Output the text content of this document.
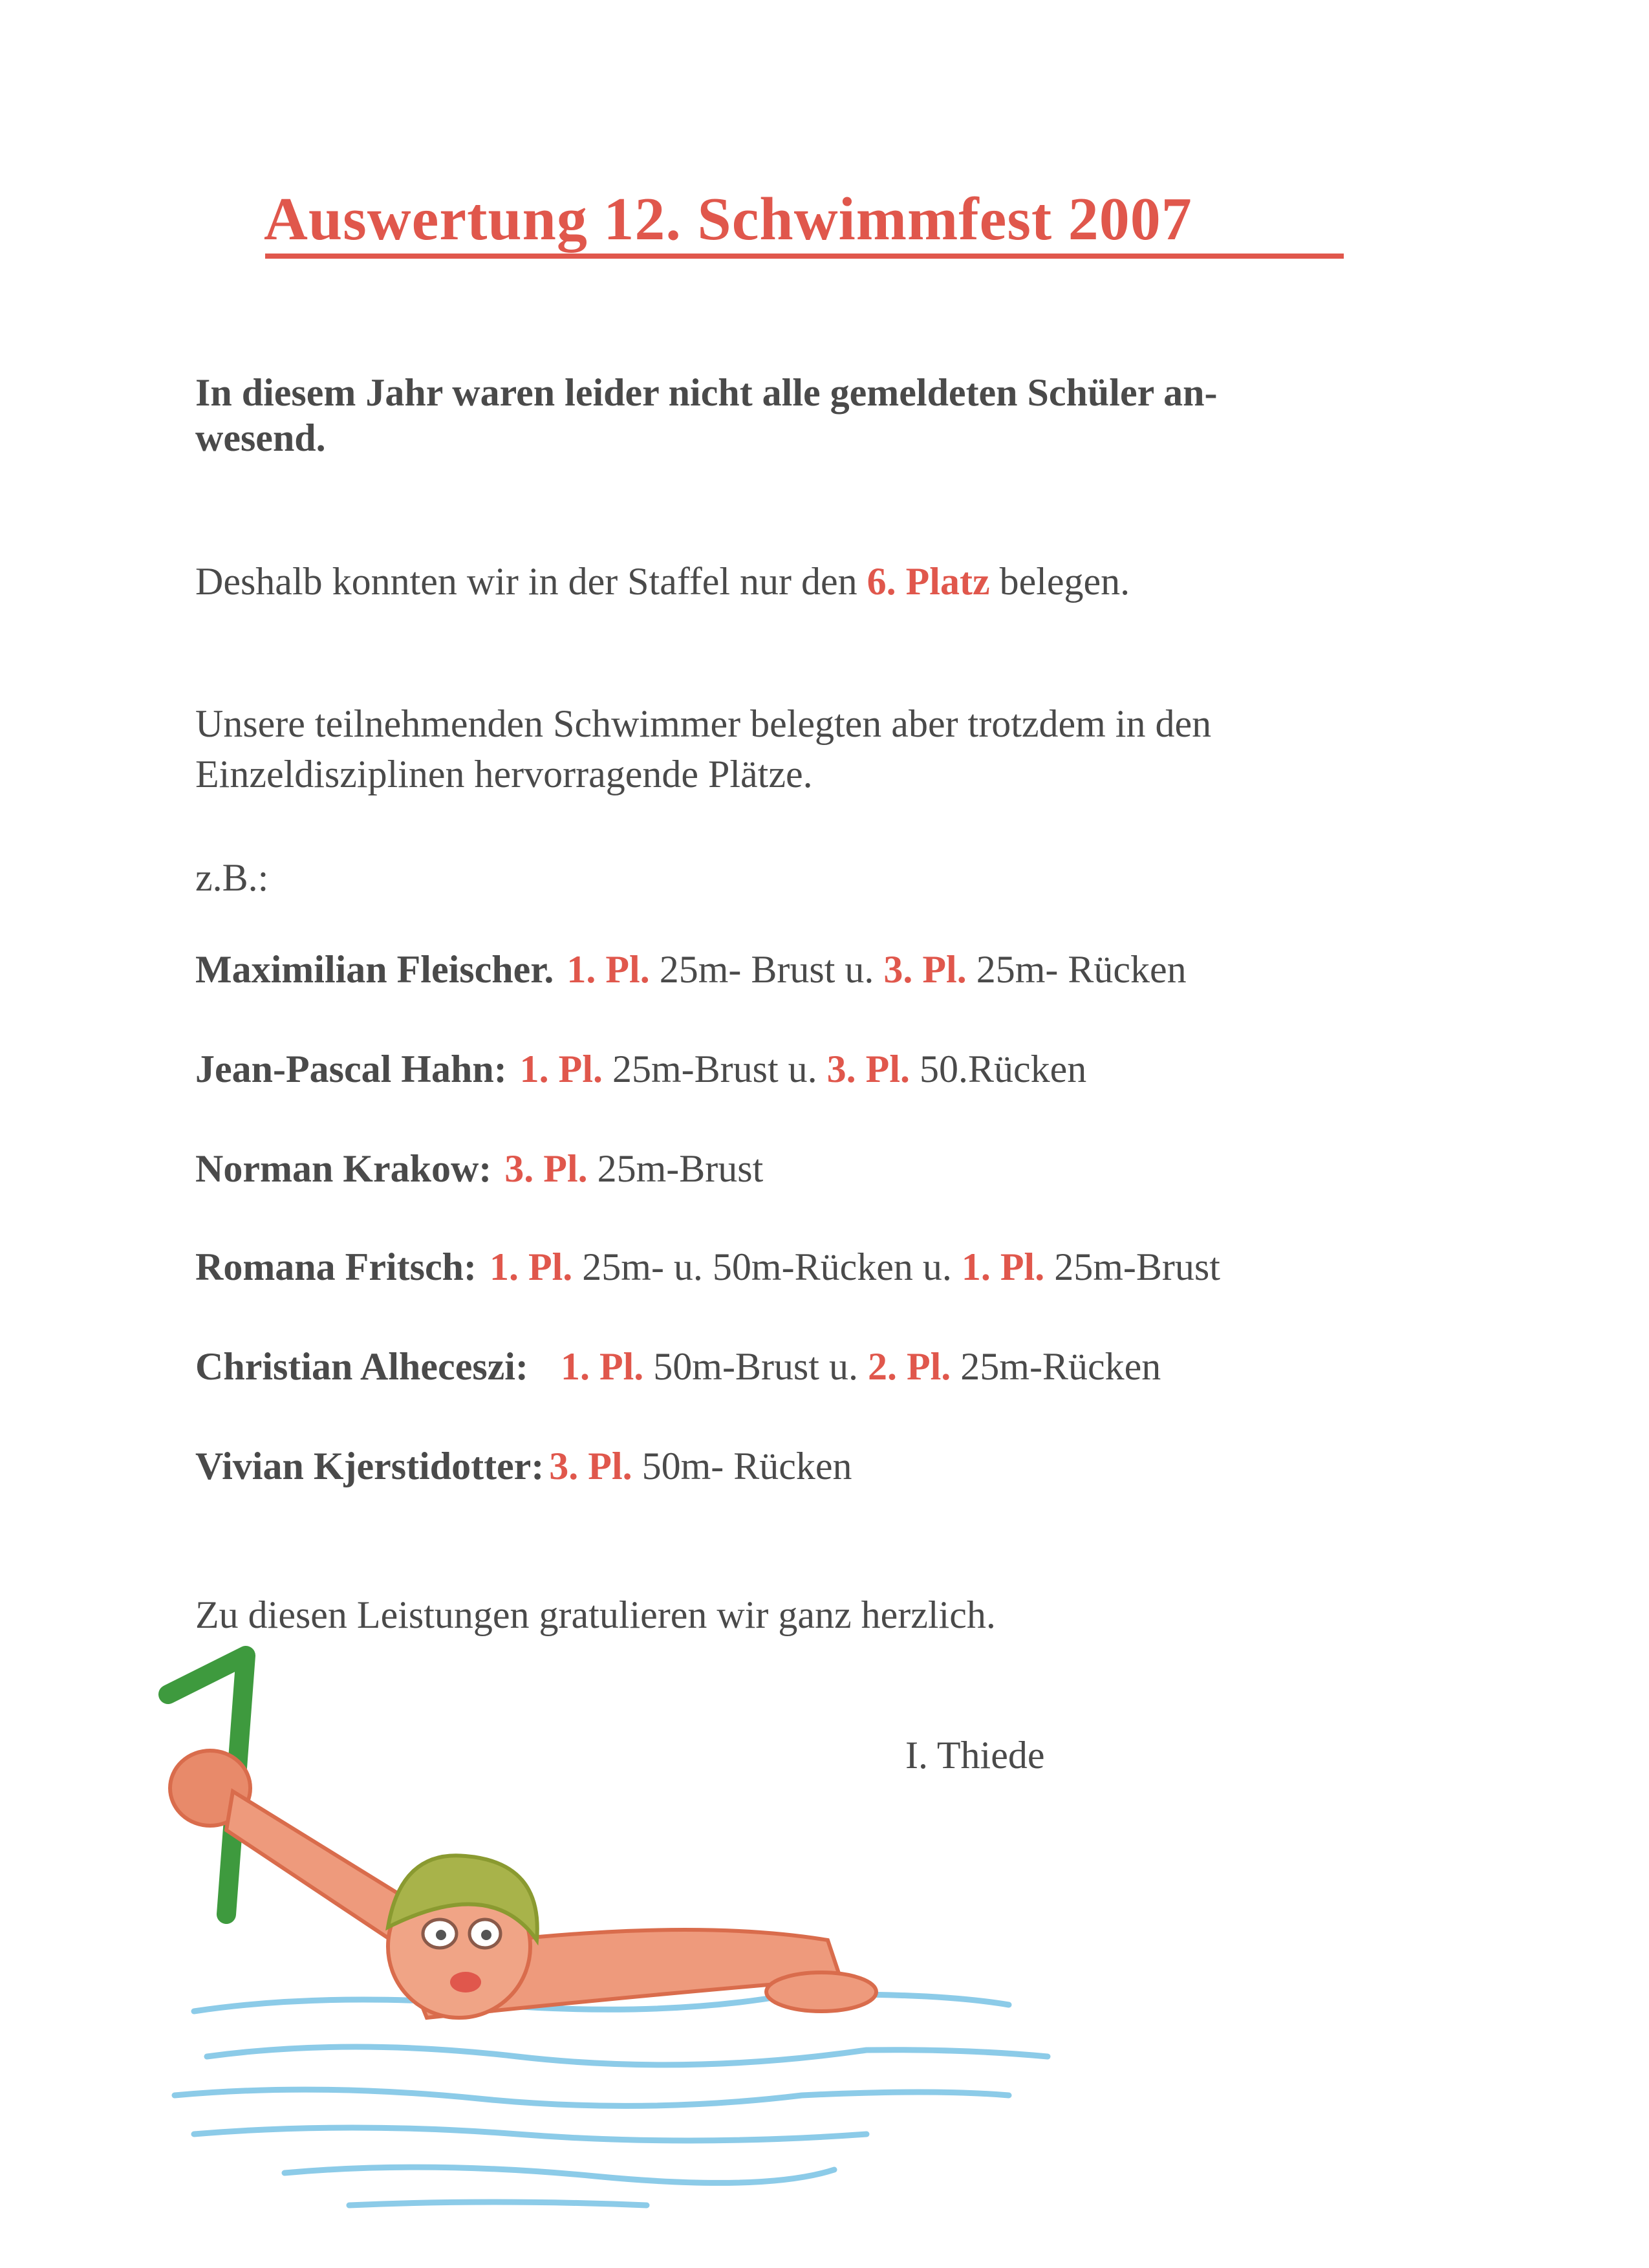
Auswertung 12. Schwimmfest 2007
In diesem Jahr waren leider nicht alle gemeldeten Schüler an-
wesend.
Deshalb konnten wir in der Staffel nur den 6. Platz belegen.
Unsere teilnehmenden Schwimmer belegten aber trotzdem in den
Einzeldisziplinen hervorragende Plätze.
z.B.:
Maximilian Fleischer. 1. Pl. 25m- Brust u. 3. Pl. 25m- Rücken
Jean-Pascal Hahn: 1. Pl. 25m-Brust u. 3. Pl. 50.Rücken
Norman Krakow: 3. Pl. 25m-Brust
Romana Fritsch: 1. Pl. 25m- u. 50m-Rücken u. 1. Pl. 25m-Brust
Christian Alheceszi: 1. Pl. 50m-Brust u. 2. Pl. 25m-Rücken
Vivian Kjerstidotter: 3. Pl. 50m- Rücken
Zu diesen Leistungen gratulieren wir ganz herzlich.
I. Thiede
